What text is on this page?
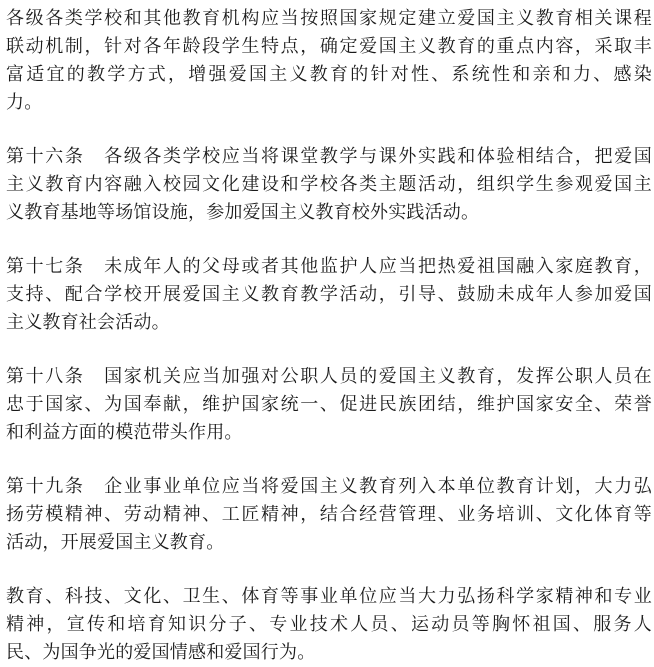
各级各类学校和其他教育机构应当按照国家规定建立爱国主义教育相关课程
联动机制，针对各年龄段学生特点，确定爱国主义教育的重点内容，采取丰
富适宜的教学方式，增强爱国主义教育的针对性、系统性和亲和力、感染
力。
第十六条　各级各类学校应当将课堂教学与课外实践和体验相结合，把爱国
主义教育内容融入校园文化建设和学校各类主题活动，组织学生参观爱国主
义教育基地等场馆设施，参加爱国主义教育校外实践活动。
第十七条　未成年人的父母或者其他监护人应当把热爱祖国融入家庭教育，
支持、配合学校开展爱国主义教育教学活动，引导、鼓励未成年人参加爱国
主义教育社会活动。
第十八条　国家机关应当加强对公职人员的爱国主义教育，发挥公职人员在
忠于国家、为国奉献，维护国家统一、促进民族团结，维护国家安全、荣誉
和利益方面的模范带头作用。
第十九条　企业事业单位应当将爱国主义教育列入本单位教育计划，大力弘
扬劳模精神、劳动精神、工匠精神，结合经营管理、业务培训、文化体育等
活动，开展爱国主义教育。
教育、科技、文化、卫生、体育等事业单位应当大力弘扬科学家精神和专业
精神，宣传和培育知识分子、专业技术人员、运动员等胸怀祖国、服务人
民、为国争光的爱国情感和爱国行为。
